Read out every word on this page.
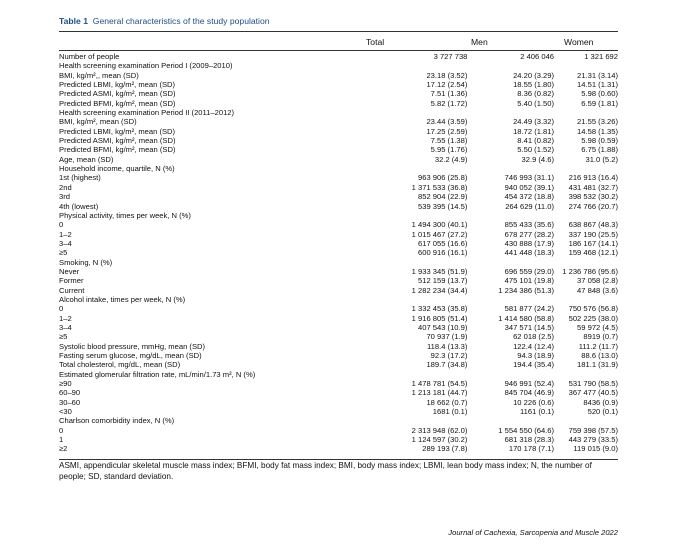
Table 1 General characteristics of the study population
Total	Men	Women
Number of people	3 727 738	2 406 046	1 321 692
Health screening examination Period I (2009–2010)			
BMI, kg/m²,, mean (SD)	23.18 (3.52)	24.20 (3.29)	21.31 (3.14)
Predicted LBMI, kg/m², mean (SD)	17.12 (2.54)	18.55 (1.80)	14.51 (1.31)
Predicted ASMI, kg/m², mean (SD)	7.51 (1.36)	8.36 (0.82)	5.98 (0.60)
Predicted BFMI, kg/m², mean (SD)	5.82 (1.72)	5.40 (1.50)	6.59 (1.81)
Health screening examination Period II (2011–2012)			
BMI, kg/m², mean (SD)	23.44 (3.59)	24.49 (3.32)	21.55 (3.26)
Predicted LBMI, kg/m², mean (SD)	17.25 (2.59)	18.72 (1.81)	14.58 (1.35)
Predicted ASMI, kg/m², mean (SD)	7.55 (1.38)	8.41 (0.82)	5.98 (0.59)
Predicted BFMI, kg/m², mean (SD)	5.95 (1.76)	5.50 (1.52)	6.75 (1.88)
Age, mean (SD)	32.2 (4.9)	32.9 (4.6)	31.0 (5.2)
Household income, quartile, N (%)			
1st (highest)	963 906 (25.8)	746 993 (31.1)	216 913 (16.4)
2nd	1 371 533 (36.8)	940 052 (39.1)	431 481 (32.7)
3rd	852 904 (22.9)	454 372 (18.8)	398 532 (30.2)
4th (lowest)	539 395 (14.5)	264 629 (11.0)	274 766 (20.7)
Physical activity, times per week, N (%)			
0	1 494 300 (40.1)	855 433 (35.6)	638 867 (48.3)
1–2	1 015 467 (27.2)	678 277 (28.2)	337 190 (25.5)
3–4	617 055 (16.6)	430 888 (17.9)	186 167 (14.1)
≥5	600 916 (16.1)	441 448 (18.3)	159 468 (12.1)
Smoking, N (%)			
Never	1 933 345 (51.9)	696 559 (29.0)	1 236 786 (95.6)
Former	512 159 (13.7)	475 101 (19.8)	37 058 (2.8)
Current	1 282 234 (34.4)	1 234 386 (51.3)	47 848 (3.6)
Alcohol intake, times per week, N (%)			
0	1 332 453 (35.8)	581 877 (24.2)	750 576 (56.8)
1–2	1 916 805 (51.4)	1 414 580 (58.8)	502 225 (38.0)
3–4	407 543 (10.9)	347 571 (14.5)	59 972 (4.5)
≥5	70 937 (1.9)	62 018 (2.5)	8919 (0.7)
Systolic blood pressure, mmHg, mean (SD)	118.4 (13.3)	122.4 (12.4)	111.2 (11.7)
Fasting serum glucose, mg/dL, mean (SD)	92.3 (17.2)	94.3 (18.9)	88.6 (13.0)
Total cholesterol, mg/dL, mean (SD)	189.7 (34.8)	194.4 (35.4)	181.1 (31.9)
Estimated glomerular filtration rate, mL/min/1.73 m², N (%)			
≥90	1 478 781 (54.5)	946 991 (52.4)	531 790 (58.5)
60–90	1 213 181 (44.7)	845 704 (46.9)	367 477 (40.5)
30–60	18 662 (0.7)	10 226 (0.6)	8436 (0.9)
<30	1681 (0.1)	1161 (0.1)	520 (0.1)
Charlson comorbidity index, N (%)			
0	2 313 948 (62.0)	1 554 550 (64.6)	759 398 (57.5)
1	1 124 597 (30.2)	681 318 (28.3)	443 279 (33.5)
≥2	289 193 (7.8)	170 178 (7.1)	119 015 (9.0)
ASMI, appendicular skeletal muscle mass index; BFMI, body fat mass index; BMI, body mass index; LBMI, lean body mass index; N, the number of people; SD, standard deviation.
Journal of Cachexia, Sarcopenia and Muscle 2022
